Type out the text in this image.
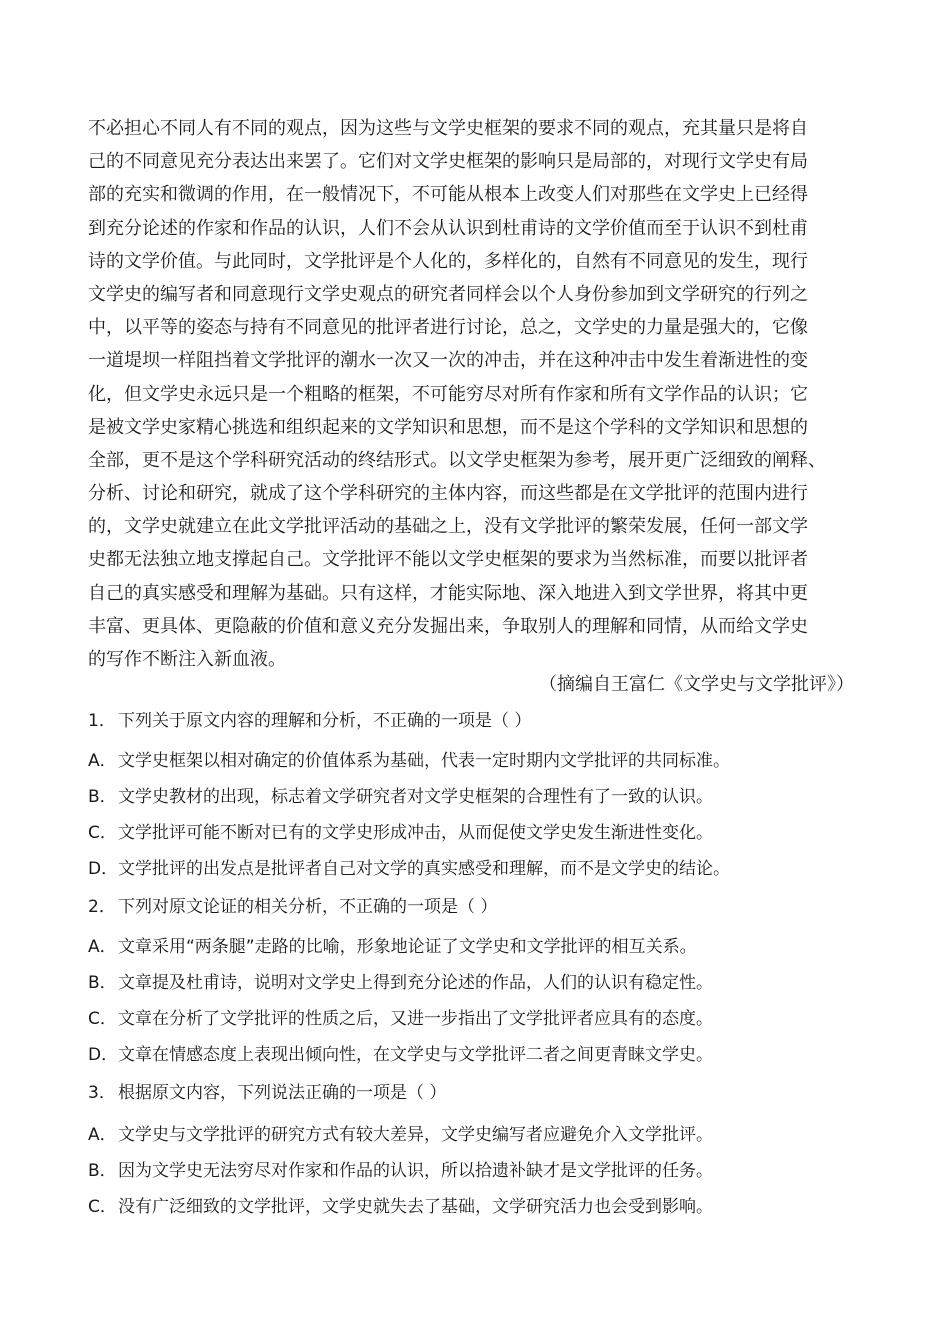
不必担心不同人有不同的观点，因为这些与文学史框架的要求不同的观点，充其量只是将自
己的不同意见充分表达出来罢了。它们对文学史框架的影响只是局部的，对现行文学史有局
部的充实和微调的作用，在一般情况下，不可能从根本上改变人们对那些在文学史上已经得
到充分论述的作家和作品的认识，人们不会从认识到杜甫诗的文学价值而至于认识不到杜甫
诗的文学价值。与此同时，文学批评是个人化的，多样化的，自然有不同意见的发生，现行
文学史的编写者和同意现行文学史观点的研究者同样会以个人身份参加到文学研究的行列之
中，以平等的姿态与持有不同意见的批评者进行讨论，总之，文学史的力量是强大的，它像
一道堤坝一样阻挡着文学批评的潮水一次又一次的冲击，并在这种冲击中发生着渐进性的变
化，但文学史永远只是一个粗略的框架，不可能穷尽对所有作家和所有文学作品的认识；它
是被文学史家精心挑选和组织起来的文学知识和思想，而不是这个学科的文学知识和思想的
全部，更不是这个学科研究活动的终结形式。以文学史框架为参考，展开更广泛细致的阐释、
分析、讨论和研究，就成了这个学科研究的主体内容，而这些都是在文学批评的范围内进行
的，文学史就建立在此文学批评活动的基础之上，没有文学批评的繁荣发展，任何一部文学
史都无法独立地支撑起自己。文学批评不能以文学史框架的要求为当然标准，而要以批评者
自己的真实感受和理解为基础。只有这样，才能实际地、深入地进入到文学世界，将其中更
丰富、更具体、更隐蔽的价值和意义充分发掘出来，争取别人的理解和同情，从而给文学史
的写作不断注入新血液。
（摘编自王富仁《文学史与文学批评》）
1． 下列关于原文内容的理解和分析，不正确的一项是（ ）
A．文学史框架以相对确定的价值体系为基础，代表一定时期内文学批评的共同标准。
B．文学史教材的出现，标志着文学研究者对文学史框架的合理性有了一致的认识。
C．文学批评可能不断对已有的文学史形成冲击，从而促使文学史发生渐进性变化。
D．文学批评的出发点是批评者自己对文学的真实感受和理解，而不是文学史的结论。
2． 下列对原文论证的相关分析，不正确的一项是（ ）
A．文章采用“两条腿”走路的比喻，形象地论证了文学史和文学批评的相互关系。
B．文章提及杜甫诗，说明对文学史上得到充分论述的作品，人们的认识有稳定性。
C．文章在分析了文学批评的性质之后，又进一步指出了文学批评者应具有的态度。
D．文章在情感态度上表现出倾向性，在文学史与文学批评二者之间更青睐文学史。
3． 根据原文内容，下列说法正确的一项是（ ）
A．文学史与文学批评的研究方式有较大差异，文学史编写者应避免介入文学批评。
B．因为文学史无法穷尽对作家和作品的认识，所以拾遗补缺才是文学批评的任务。
C．没有广泛细致的文学批评，文学史就失去了基础，文学研究活力也会受到影响。
